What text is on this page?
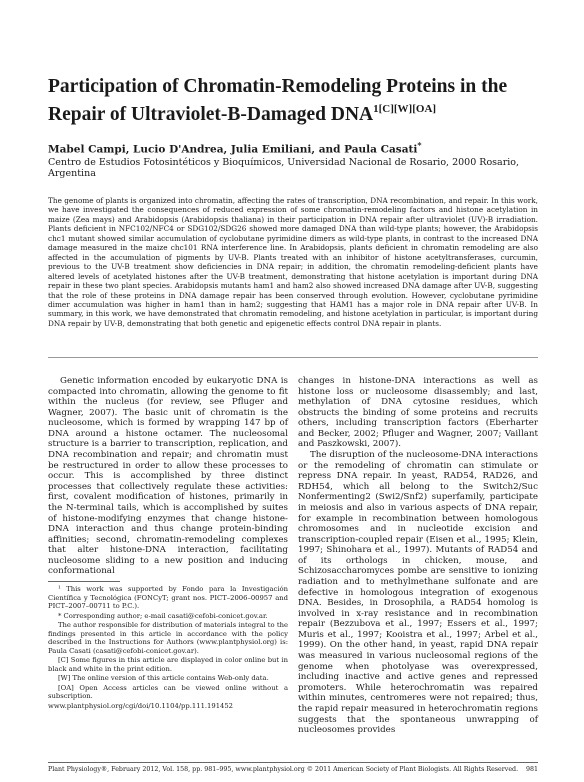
Participation of Chromatin-Remodeling Proteins in the Repair of Ultraviolet-B-Damaged $DNA^{1[C][W][OA]}$
Mabel Campi, Lucio D'Andrea, Julia Emiliani, and Paula Casati*
Centro de Estudios Fotosintéticos y Bioquímicos, Universidad Nacional de Rosario, 2000 Rosario, Argentina
The genome of plants is organized into chromatin, affecting the rates of transcription, DNA recombination, and repair. In this work, we have investigated the consequences of reduced expression of some chromatin-remodeling factors and histone acetylation in maize (Zea mays) and Arabidopsis (Arabidopsis thaliana) in their participation in DNA repair after ultraviolet (UV)-B irradiation. Plants deficient in NFC102/NFC4 or SDG102/SDG26 showed more damaged DNA than wild-type plants; however, the Arabidopsis chc1 mutant showed similar accumulation of cyclobutane pyrimidine dimers as wild-type plants, in contrast to the increased DNA damage measured in the maize chc101 RNA interference line. In Arabidopsis, plants deficient in chromatin remodeling are also affected in the accumulation of pigments by UV-B. Plants treated with an inhibitor of histone acetyltransferases, curcumin, previous to the UV-B treatment show deficiencies in DNA repair; in addition, the chromatin remodeling-deficient plants have altered levels of acetylated histones after the UV-B treatment, demonstrating that histone acetylation is important during DNA repair in these two plant species. Arabidopsis mutants ham1 and ham2 also showed increased DNA damage after UV-B, suggesting that the role of these proteins in DNA damage repair has been conserved through evolution. However, cyclobutane pyrimidine dimer accumulation was higher in ham1 than in ham2; suggesting that HAM1 has a major role in DNA repair after UV-B. In summary, in this work, we have demonstrated that chromatin remodeling, and histone acetylation in particular, is important during DNA repair by UV-B, demonstrating that both genetic and epigenetic effects control DNA repair in plants.

Genetic information encoded by eukaryotic DNA is compacted into chromatin, allowing the genome to fit within the nucleus (for review, see Pfluger and Wagner, 2007). The basic unit of chromatin is the nucleosome, which is formed by wrapping 147 bp of DNA around a histone octamer. The nucleosomal structure is a barrier to transcription, replication, and DNA recombination and repair; and chromatin must be restructured in order to allow these processes to occur. This is accomplished by three distinct processes that collectively regulate these activities: first, covalent modification of histones, primarily in the N-terminal tails, which is accomplished by suites of histone-modifying enzymes that change histone-DNA interaction and thus change protein-binding affinities; second, chromatin-remodeling complexes that alter histone-DNA interaction, facilitating nucleosome sliding to a new position and inducing conformational

changes in histone-DNA interactions as well as histone loss or nucleosome disassembly; and last, methylation of DNA cytosine residues, which obstructs the binding of some proteins and recruits others, including transcription factors (Eberharter and Becker, 2002; Pfluger and Wagner, 2007; Vaillant and Paszkowski, 2007).

The disruption of the nucleosome-DNA interactions or the remodeling of chromatin can stimulate or repress DNA repair. In yeast, RAD54, RAD26, and RDH54, which all belong to the Switch2/Suc Nonfermenting2 (Swi2/Snf2) superfamily, participate in meiosis and also in various aspects of DNA repair, for example in recombination between homologous chromosomes and in nucleotide excision and transcription-coupled repair (Eisen et al., 1995; Klein, 1997; Shinohara et al., 1997). Mutants of RAD54 and of its orthologs in chicken, mouse, and Schizosaccharomyces pombe are sensitive to ionizing radiation and to methylmethane sulfonate and are defective in homologous integration of exogenous DNA. Besides, in Drosophila, a RAD54 homolog is involved in x-ray resistance and in recombination repair (Bezzubova et al., 1997; Essers et al., 1997; Muris et al., 1997; Kooistra et al., 1997; Arbel et al., 1999). On the other hand, in yeast, rapid DNA repair was measured in various nucleosomal regions of the genome when photolyase was overexpressed, including inactive and active genes and repressed promoters. While heterochromatin was repaired within minutes, centromeres were not repaired; thus, the rapid repair measured in heterochromatin regions suggests that the spontaneous unwrapping of nucleosomes provides

¹ This work was supported by Fondo para la Investigación Científica y Tecnológica (FONCyT; grant nos. PICT–2006–00957 and PICT–2007–00711 to P.C.).

* Corresponding author; e-mail casati@cefobi-conicet.gov.ar.

The author responsible for distribution of materials integral to the findings presented in this article in accordance with the policy described in the Instructions for Authors (www.plantphysiol.org) is: Paula Casati (casati@cefobi-conicet.gov.ar).

[C] Some figures in this article are displayed in color online but in black and white in the print edition.

[W] The online version of this article contains Web-only data.

[OA] Open Access articles can be viewed online without a subscription.

www.plantphysiol.org/cgi/doi/10.1104/pp.111.191452

Plant Physiology®, February 2012, Vol. 158, pp. 981–995, www.plantphysiol.org © 2011 American Society of Plant Biologists. All Rights Reserved. 981
